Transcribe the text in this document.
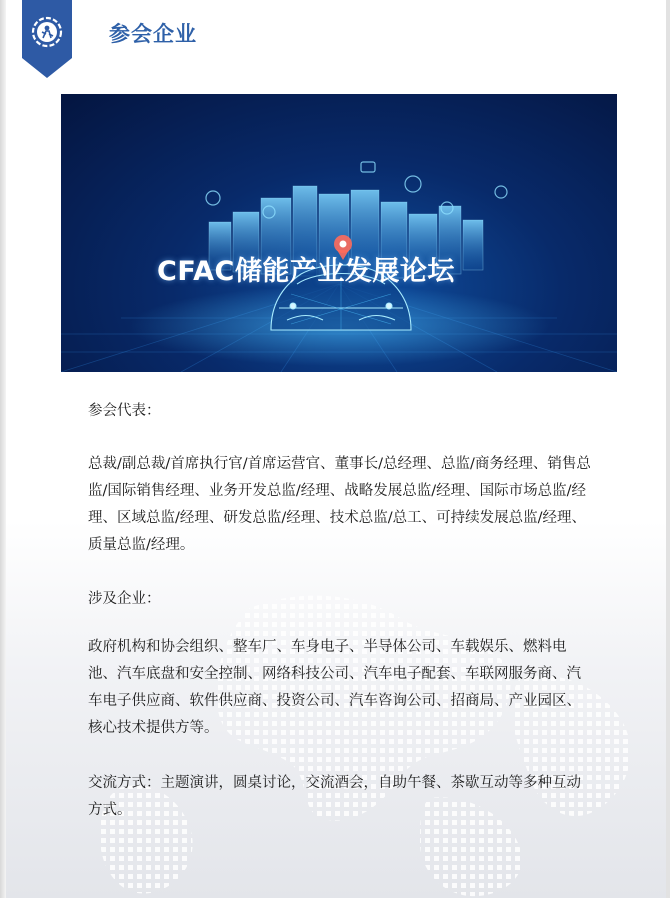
参会企业

CFAC储能产业发展论坛

参会代表：

总裁/副总裁/首席执行官/首席运营官、董事长/总经理、总监/商务经理、销售总监/国际销售经理、业务开发总监/经理、战略发展总监/经理、国际市场总监/经理、区域总监/经理、研发总监/经理、技术总监/总工、可持续发展总监/经理、质量总监/经理。

涉及企业：

政府机构和协会组织、整车厂、车身电子、半导体公司、车载娱乐、燃料电池、汽车底盘和安全控制、网络科技公司、汽车电子配套、车联网服务商、汽车电子供应商、软件供应商、投资公司、汽车咨询公司、招商局、产业园区、核心技术提供方等。

交流方式：主题演讲，圆桌讨论，交流酒会，自助午餐、茶歇互动等多种互动方式。
